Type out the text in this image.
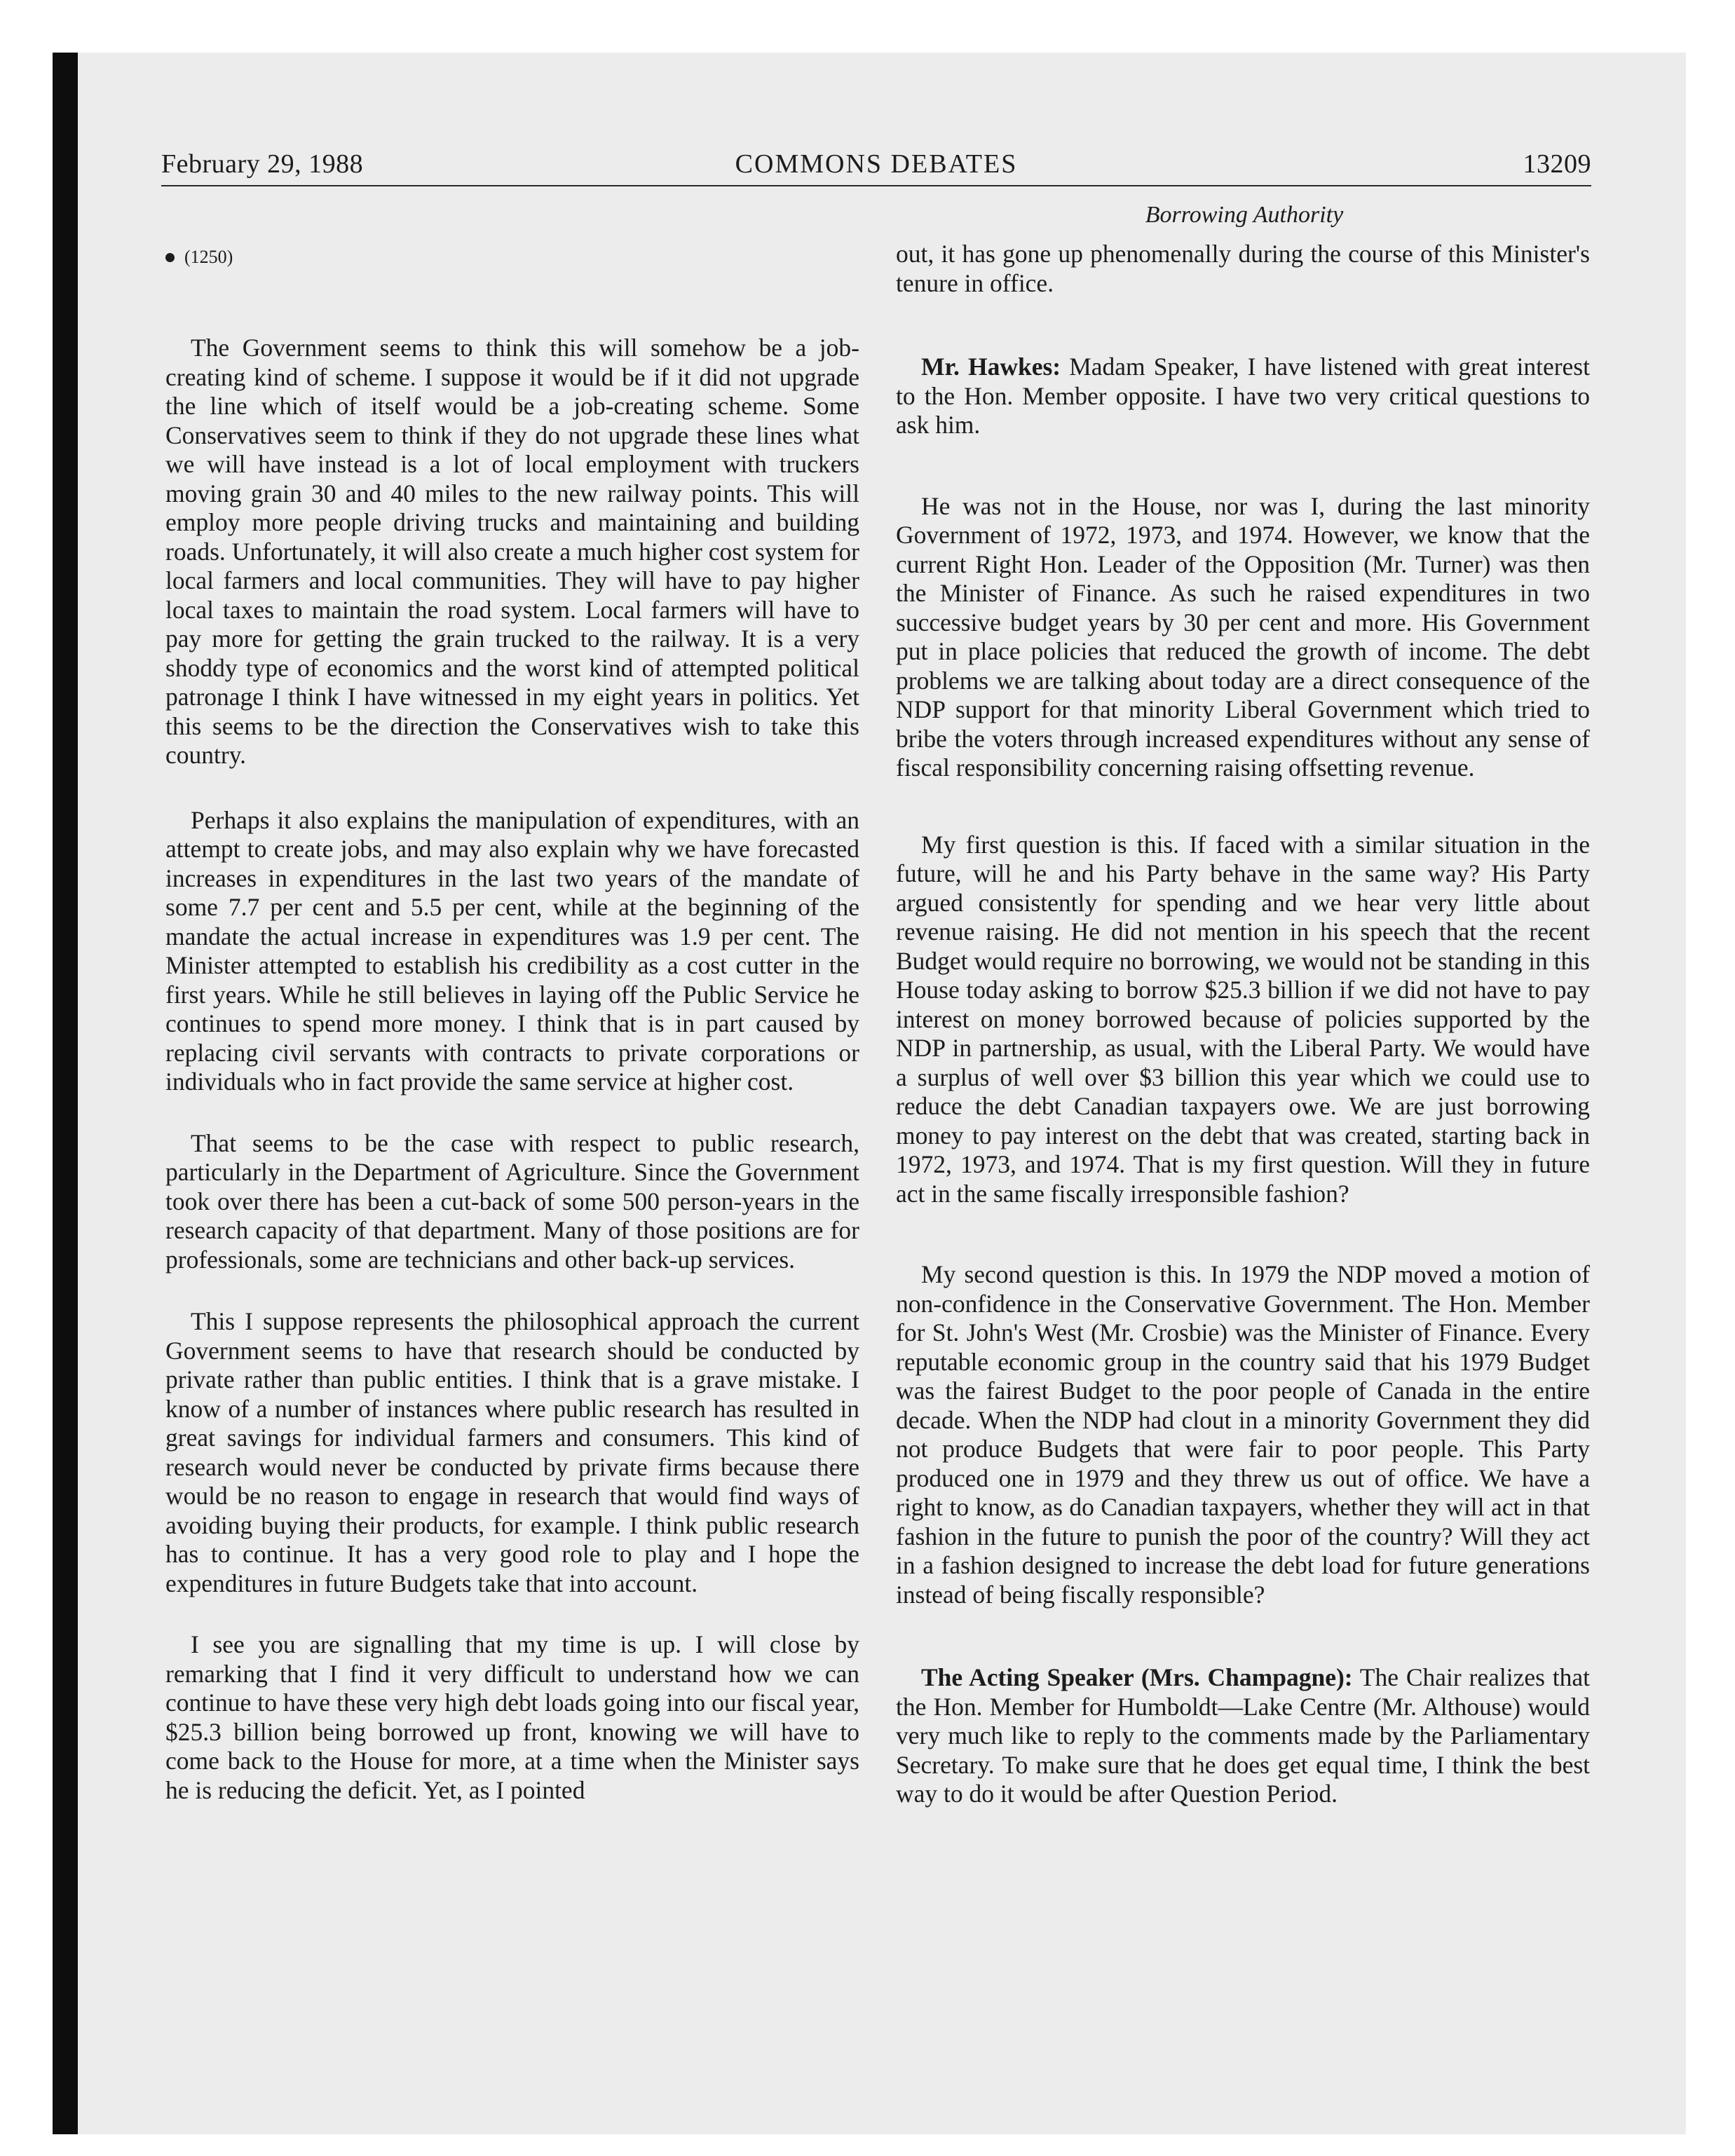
February 29, 1988	COMMONS DEBATES	13209
Borrowing Authority
(1250)

The Government seems to think this will somehow be a job-creating kind of scheme. I suppose it would be if it did not upgrade the line which of itself would be a job-creating scheme. Some Conservatives seem to think if they do not upgrade these lines what we will have instead is a lot of local employment with truckers moving grain 30 and 40 miles to the new railway points. This will employ more people driving trucks and maintaining and building roads. Unfortunately, it will also create a much higher cost system for local farmers and local communities. They will have to pay higher local taxes to maintain the road system. Local farmers will have to pay more for getting the grain trucked to the railway. It is a very shoddy type of economics and the worst kind of attempted political patronage I think I have witnessed in my eight years in politics. Yet this seems to be the direction the Conservatives wish to take this country.

Perhaps it also explains the manipulation of expenditures, with an attempt to create jobs, and may also explain why we have forecasted increases in expenditures in the last two years of the mandate of some 7.7 per cent and 5.5 per cent, while at the beginning of the mandate the actual increase in expenditures was 1.9 per cent. The Minister attempted to establish his credibility as a cost cutter in the first years. While he still believes in laying off the Public Service he continues to spend more money. I think that is in part caused by replacing civil servants with contracts to private corporations or individuals who in fact provide the same service at higher cost.

That seems to be the case with respect to public research, particularly in the Department of Agriculture. Since the Government took over there has been a cut-back of some 500 person-years in the research capacity of that department. Many of those positions are for professionals, some are technicians and other back-up services.

This I suppose represents the philosophical approach the current Government seems to have that research should be conducted by private rather than public entities. I think that is a grave mistake. I know of a number of instances where public research has resulted in great savings for individual farmers and consumers. This kind of research would never be conducted by private firms because there would be no reason to engage in research that would find ways of avoiding buying their products, for example. I think public research has to continue. It has a very good role to play and I hope the expenditures in future Budgets take that into account.

I see you are signalling that my time is up. I will close by remarking that I find it very difficult to understand how we can continue to have these very high debt loads going into our fiscal year, $25.3 billion being borrowed up front, knowing we will have to come back to the House for more, at a time when the Minister says he is reducing the deficit. Yet, as I pointed

out, it has gone up phenomenally during the course of this Minister's tenure in office.

Mr. Hawkes: Madam Speaker, I have listened with great interest to the Hon. Member opposite. I have two very critical questions to ask him.

He was not in the House, nor was I, during the last minority Government of 1972, 1973, and 1974. However, we know that the current Right Hon. Leader of the Opposition (Mr. Turner) was then the Minister of Finance. As such he raised expenditures in two successive budget years by 30 per cent and more. His Government put in place policies that reduced the growth of income. The debt problems we are talking about today are a direct consequence of the NDP support for that minority Liberal Government which tried to bribe the voters through increased expenditures without any sense of fiscal responsibility concerning raising offsetting revenue.

My first question is this. If faced with a similar situation in the future, will he and his Party behave in the same way? His Party argued consistently for spending and we hear very little about revenue raising. He did not mention in his speech that the recent Budget would require no borrowing, we would not be standing in this House today asking to borrow $25.3 billion if we did not have to pay interest on money borrowed because of policies supported by the NDP in partnership, as usual, with the Liberal Party. We would have a surplus of well over $3 billion this year which we could use to reduce the debt Canadian taxpayers owe. We are just borrowing money to pay interest on the debt that was created, starting back in 1972, 1973, and 1974. That is my first question. Will they in future act in the same fiscally irresponsible fashion?

My second question is this. In 1979 the NDP moved a motion of non-confidence in the Conservative Government. The Hon. Member for St. John's West (Mr. Crosbie) was the Minister of Finance. Every reputable economic group in the country said that his 1979 Budget was the fairest Budget to the poor people of Canada in the entire decade. When the NDP had clout in a minority Government they did not produce Budgets that were fair to poor people. This Party produced one in 1979 and they threw us out of office. We have a right to know, as do Canadian taxpayers, whether they will act in that fashion in the future to punish the poor of the country? Will they act in a fashion designed to increase the debt load for future generations instead of being fiscally responsible?

The Acting Speaker (Mrs. Champagne): The Chair realizes that the Hon. Member for Humboldt—Lake Centre (Mr. Althouse) would very much like to reply to the comments made by the Parliamentary Secretary. To make sure that he does get equal time, I think the best way to do it would be after Question Period.
